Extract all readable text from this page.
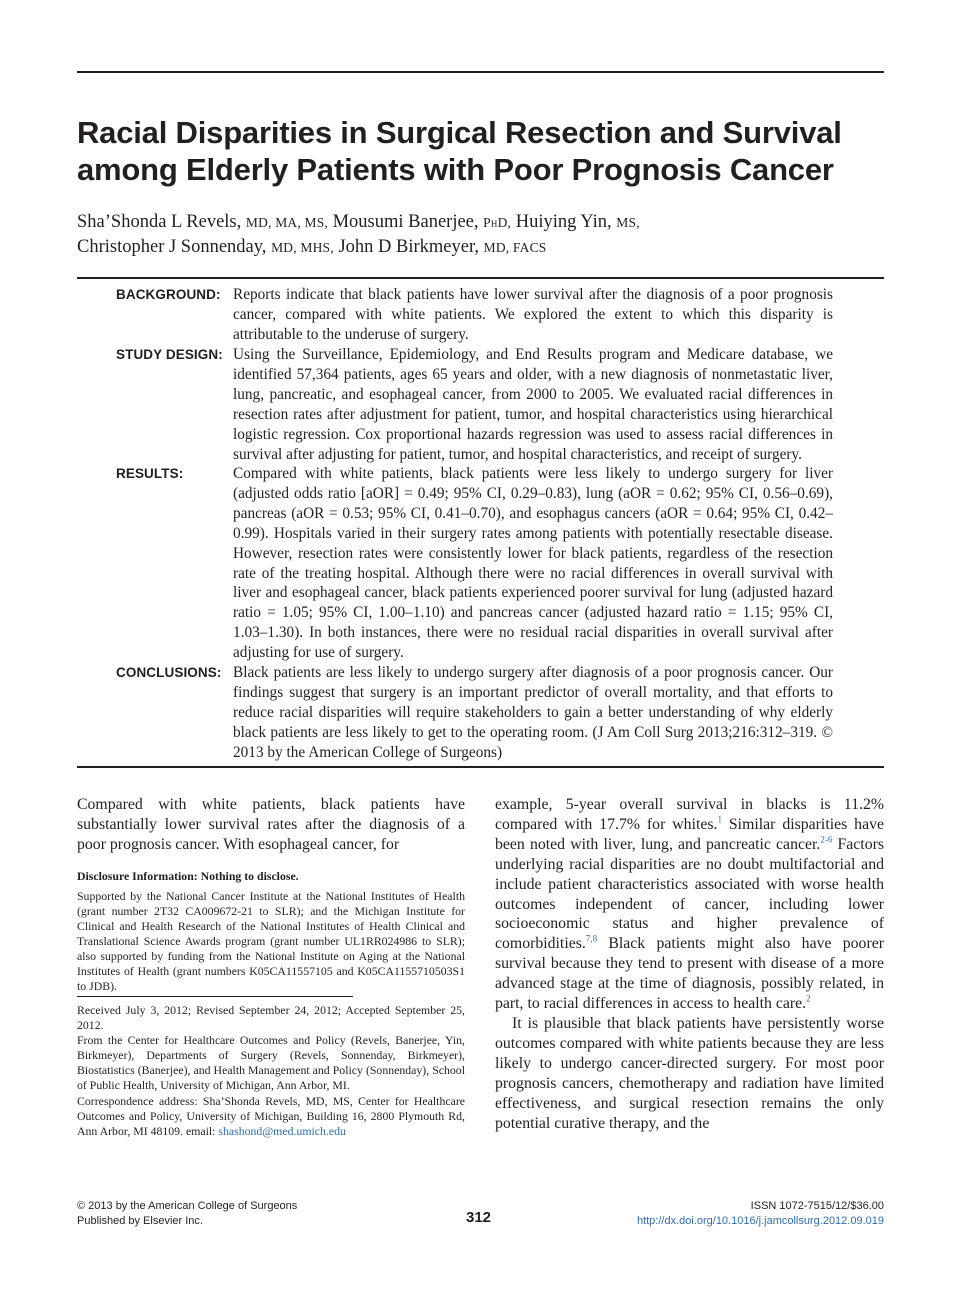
Racial Disparities in Surgical Resection and Survival among Elderly Patients with Poor Prognosis Cancer
Sha’Shonda L Revels, MD, MA, MS, Mousumi Banerjee, PhD, Huiying Yin, MS,
Christopher J Sonnenday, MD, MHS, John D Birkmeyer, MD, FACS
BACKGROUND: Reports indicate that black patients have lower survival after the diagnosis of a poor prognosis cancer, compared with white patients. We explored the extent to which this disparity is attributable to the underuse of surgery.
STUDY DESIGN: Using the Surveillance, Epidemiology, and End Results program and Medicare database, we identified 57,364 patients, ages 65 years and older, with a new diagnosis of nonmetastatic liver, lung, pancreatic, and esophageal cancer, from 2000 to 2005. We evaluated racial differences in resection rates after adjustment for patient, tumor, and hospital characteristics using hierarchical logistic regression. Cox proportional hazards regression was used to assess racial differences in survival after adjusting for patient, tumor, and hospital characteristics, and receipt of surgery.
RESULTS:	Compared with white patients, black patients were less likely to undergo surgery for liver (adjusted odds ratio [aOR] = 0.49; 95% CI, 0.29–0.83), lung (aOR = 0.62; 95% CI, 0.56–0.69), pancreas (aOR = 0.53; 95% CI, 0.41–0.70), and esophagus cancers (aOR = 0.64; 95% CI, 0.42–0.99). Hospitals varied in their surgery rates among patients with potentially resectable disease. However, resection rates were consistently lower for black patients, regardless of the resection rate of the treating hospital. Although there were no racial differences in overall survival with liver and esophageal cancer, black patients experienced poorer survival for lung (adjusted hazard ratio = 1.05; 95% CI, 1.00–1.10) and pancreas cancer (adjusted hazard ratio = 1.15; 95% CI, 1.03–1.30). In both instances, there were no residual racial disparities in overall survival after adjusting for use of surgery.
CONCLUSIONS: Black patients are less likely to undergo surgery after diagnosis of a poor prognosis cancer. Our findings suggest that surgery is an important predictor of overall mortality, and that efforts to reduce racial disparities will require stakeholders to gain a better understanding of why elderly black patients are less likely to get to the operating room. (J Am Coll Surg 2013;216:312–319. © 2013 by the American College of Surgeons)
Compared with white patients, black patients have substantially lower survival rates after the diagnosis of a poor prognosis cancer. With esophageal cancer, for
example, 5-year overall survival in blacks is 11.2% compared with 17.7% for whites.$^1$ Similar disparities have been noted with liver, lung, and pancreatic cancer.$^{2-6}$ Factors underlying racial disparities are no doubt multifactorial and include patient characteristics associated with worse health outcomes independent of cancer, including lower socioeconomic status and higher prevalence of comorbidities.$^{7,8}$ Black patients might also have poorer survival because they tend to present with disease of a more advanced stage at the time of diagnosis, possibly related, in part, to racial differences in access to health care.$^2$
It is plausible that black patients have persistently worse outcomes compared with white patients because they are less likely to undergo cancer-directed surgery. For most poor prognosis cancers, chemotherapy and radiation have limited effectiveness, and surgical resection remains the only potential curative therapy, and the
Disclosure Information: Nothing to disclose.
Supported by the National Cancer Institute at the National Institutes of Health (grant number 2T32 CA009672-21 to SLR); and the Michigan Institute for Clinical and Health Research of the National Institutes of Health Clinical and Translational Science Awards program (grant number UL1RR024986 to SLR); also supported by funding from the National Institute on Aging at the National Institutes of Health (grant numbers K05CA11557105 and K05CA1155710503S1 to JDB).
Received July 3, 2012; Revised September 24, 2012; Accepted September 25, 2012.
From the Center for Healthcare Outcomes and Policy (Revels, Banerjee, Yin, Birkmeyer), Departments of Surgery (Revels, Sonnenday, Birkmeyer), Biostatistics (Banerjee), and Health Management and Policy (Sonnenday), School of Public Health, University of Michigan, Ann Arbor, MI.
Correspondence address: Sha’Shonda Revels, MD, MS, Center for Healthcare Outcomes and Policy, University of Michigan, Building 16, 2800 Plymouth Rd, Ann Arbor, MI 48109. email: shashond@med.umich.edu
© 2013 by the American College of Surgeons
Published by Elsevier Inc.	312
ISSN 1072-7515/12/$36.00
http://dx.doi.org/10.1016/j.jamcollsurg.2012.09.019
